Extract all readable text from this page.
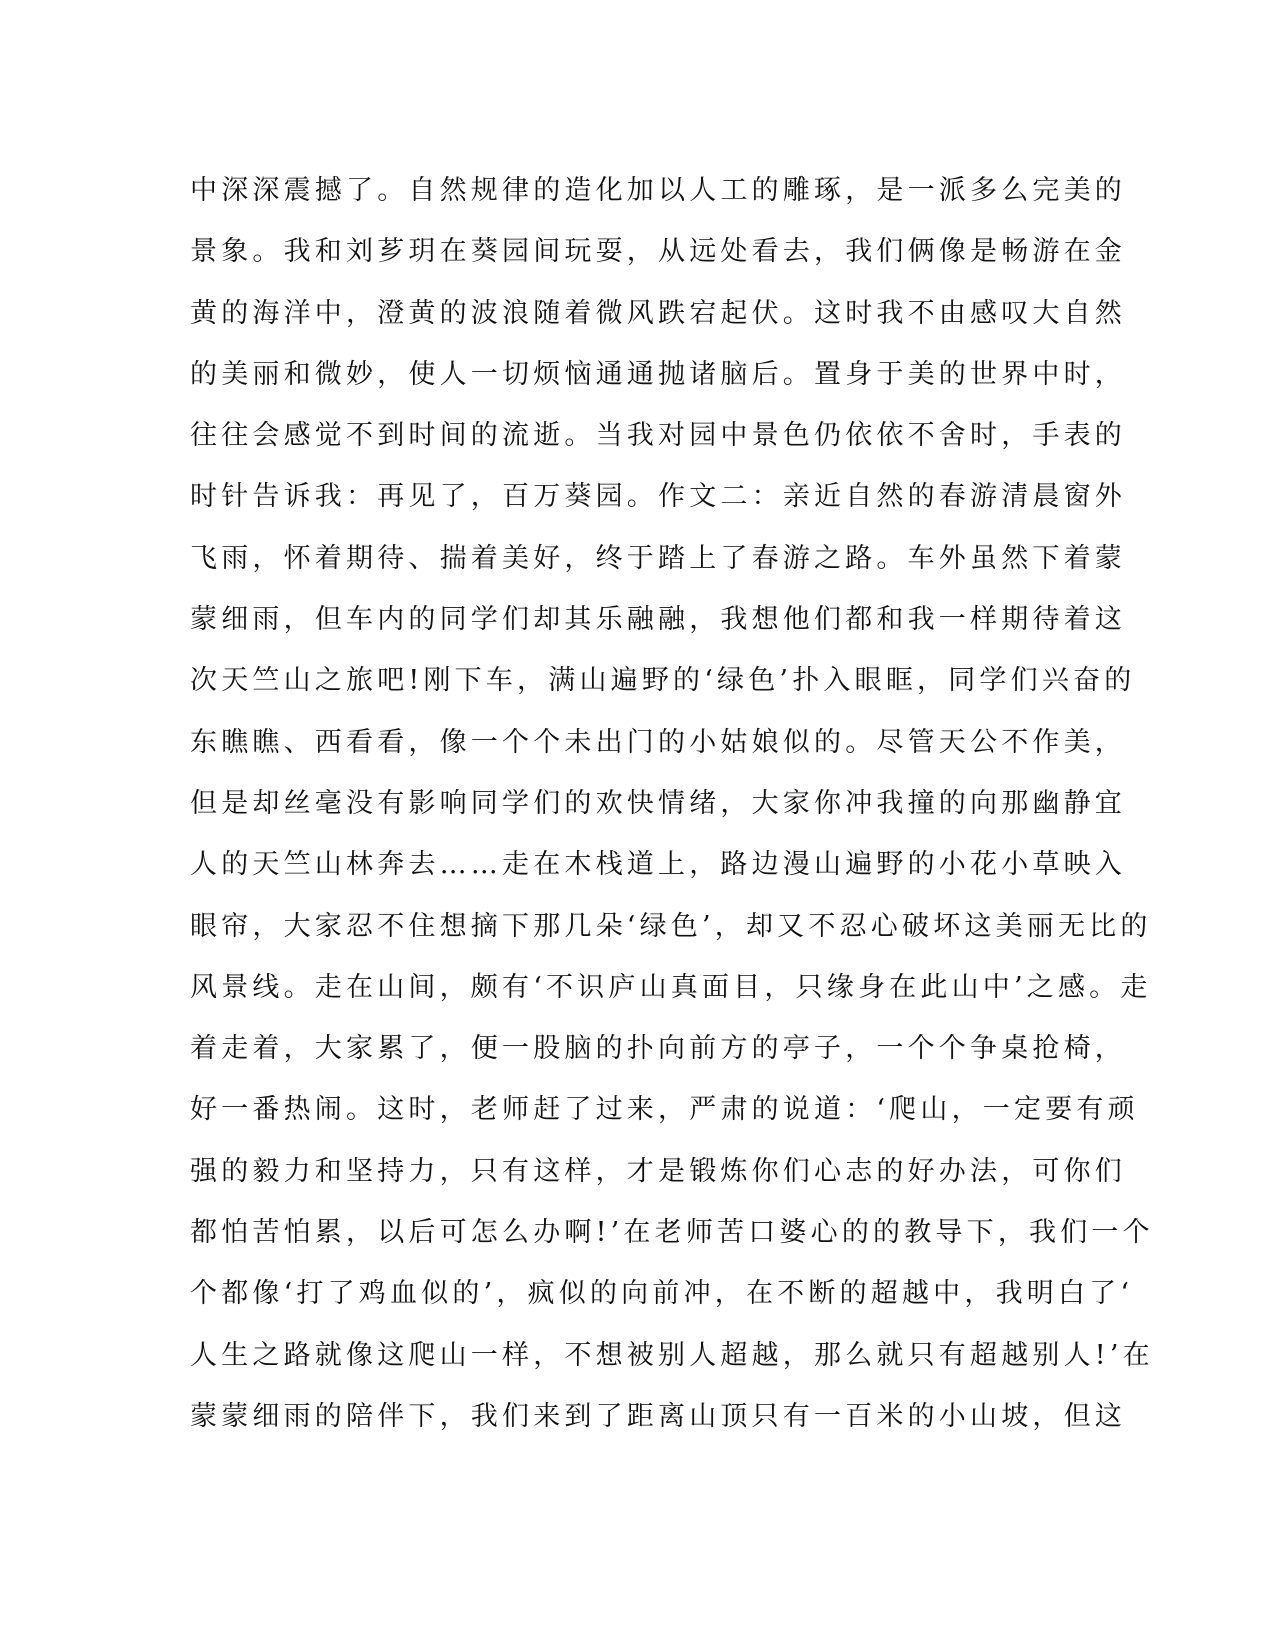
中深深震撼了。自然规律的造化加以人工的雕琢，是一派多么完美的
景象。我和刘芗玥在葵园间玩耍，从远处看去，我们俩像是畅游在金
黄的海洋中，澄黄的波浪随着微风跌宕起伏。这时我不由感叹大自然
的美丽和微妙，使人一切烦恼通通抛诸脑后。置身于美的世界中时，
往往会感觉不到时间的流逝。当我对园中景色仍依依不舍时，手表的
时针告诉我：再见了，百万葵园。作文二：亲近自然的春游清晨窗外
飞雨，怀着期待、揣着美好，终于踏上了春游之路。车外虽然下着蒙
蒙细雨，但车内的同学们却其乐融融，我想他们都和我一样期待着这
次天竺山之旅吧!刚下车，满山遍野的‘绿色’扑入眼眶，同学们兴奋的
东瞧瞧、西看看，像一个个未出门的小姑娘似的。尽管天公不作美，
但是却丝毫没有影响同学们的欢快情绪，大家你冲我撞的向那幽静宜
人的天竺山林奔去……走在木栈道上，路边漫山遍野的小花小草映入
眼帘，大家忍不住想摘下那几朵‘绿色’，却又不忍心破坏这美丽无比的
风景线。走在山间，颇有‘不识庐山真面目，只缘身在此山中’之感。走
着走着，大家累了，便一股脑的扑向前方的亭子，一个个争桌抢椅，
好一番热闹。这时，老师赶了过来，严肃的说道：‘爬山，一定要有顽
强的毅力和坚持力，只有这样，才是锻炼你们心志的好办法，可你们
都怕苦怕累，以后可怎么办啊!’在老师苦口婆心的的教导下，我们一个
个都像‘打了鸡血似的’，疯似的向前冲，在不断的超越中，我明白了‘
人生之路就像这爬山一样，不想被别人超越，那么就只有超越别人!’在
蒙蒙细雨的陪伴下，我们来到了距离山顶只有一百米的小山坡，但这
